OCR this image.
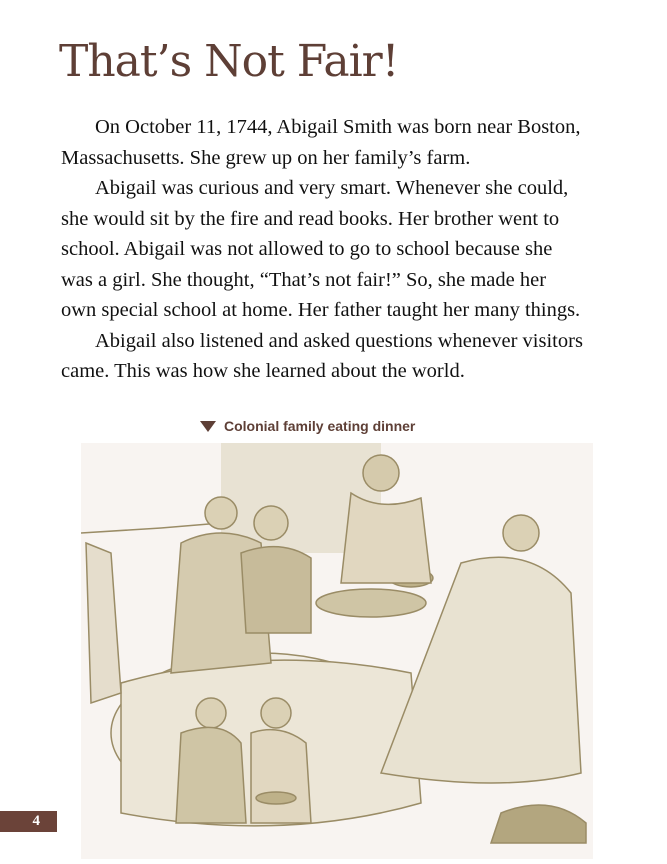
That’s Not Fair!

On October 11, 1744, Abigail Smith was born near Boston,
Massachusetts. She grew up on her family’s farm.

Abigail was curious and very smart. Whenever she could,
she would sit by the fire and read books. Her brother went to
school. Abigail was not allowed to go to school because she
was a girl. She thought, “That’s not fair!” So, she made her
own special school at home. Her father taught her many things.

Abigail also listened and asked questions whenever visitors
came. This was how she learned about the world.

Colonial family eating dinner
4
